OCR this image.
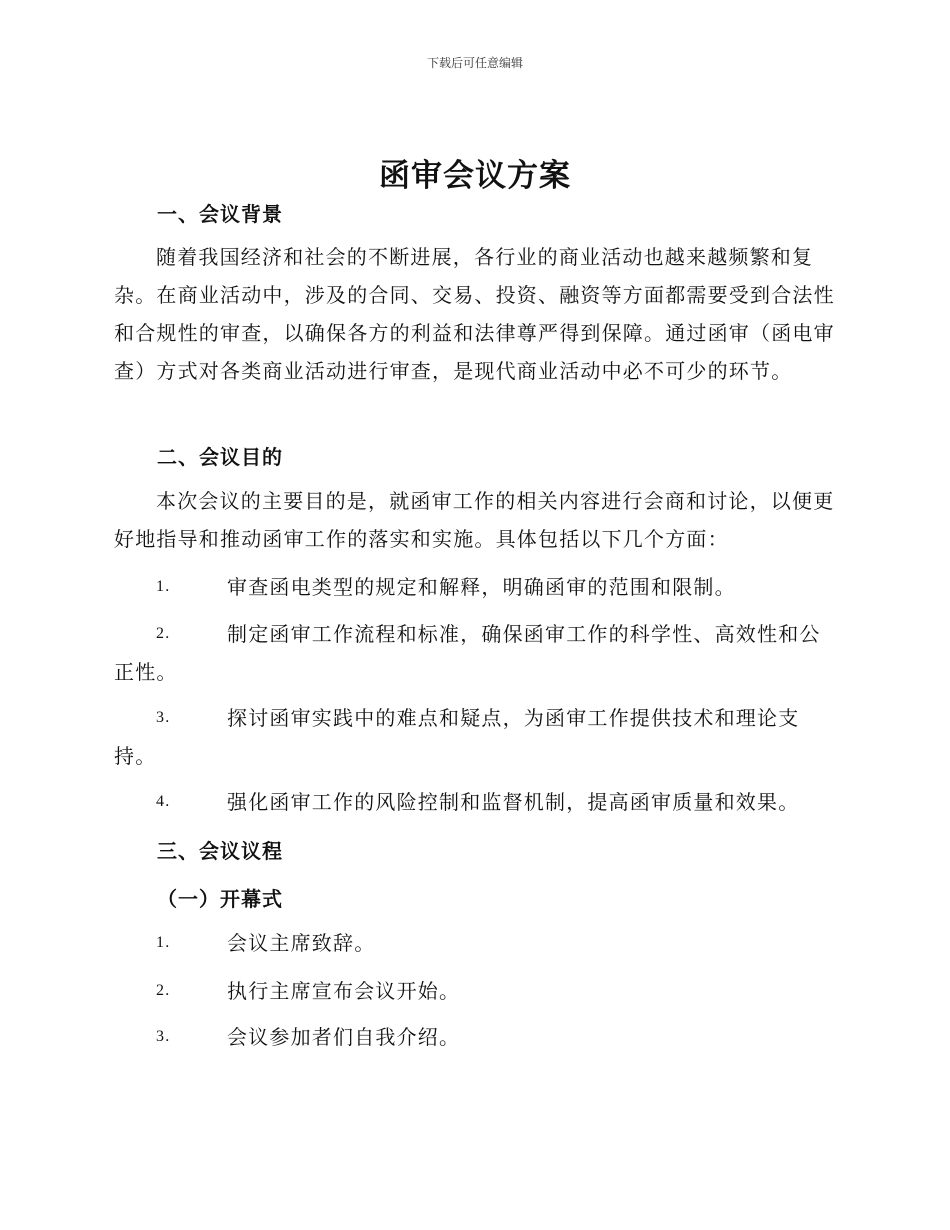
下载后可任意编辑
函审会议方案
一、会议背景

随着我国经济和社会的不断进展，各行业的商业活动也越来越频繁和复杂。在商业活动中，涉及的合同、交易、投资、融资等方面都需要受到合法性和合规性的审查，以确保各方的利益和法律尊严得到保障。通过函审（函电审查）方式对各类商业活动进行审查，是现代商业活动中必不可少的环节。

二、会议目的

本次会议的主要目的是，就函审工作的相关内容进行会商和讨论，以便更好地指导和推动函审工作的落实和实施。具体包括以下几个方面：

1.	审查函电类型的规定和解释，明确函审的范围和限制。
2.	制定函审工作流程和标准，确保函审工作的科学性、高效性和公
正性。
3.	探讨函审实践中的难点和疑点，为函审工作提供技术和理论支
持。
4.	强化函审工作的风险控制和监督机制，提高函审质量和效果。
三、会议议程
（一）开幕式
1.	会议主席致辞。
2.	执行主席宣布会议开始。
3.	会议参加者们自我介绍。
